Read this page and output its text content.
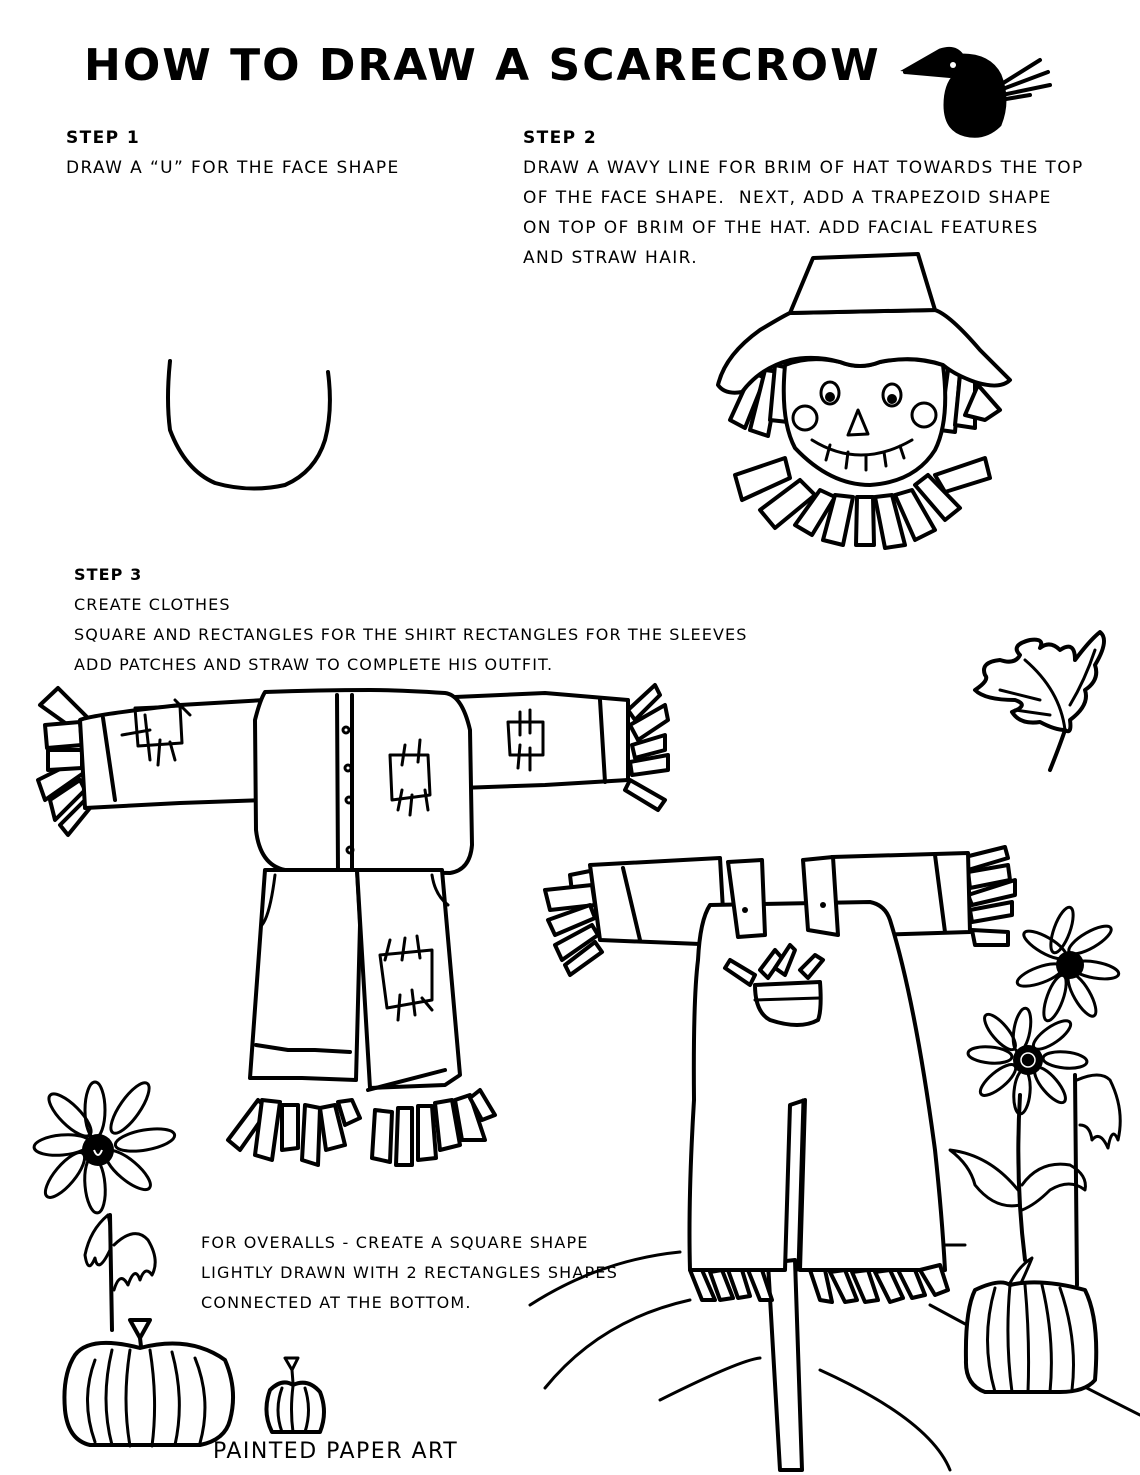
HOW TO DRAW A SCARECROW
STEP 1
DRAW A “U” FOR THE FACE SHAPE
STEP 2
DRAW A WAVY LINE FOR BRIM OF HAT TOWARDS THE TOP
OF THE FACE SHAPE.  NEXT, ADD A TRAPEZOID SHAPE
ON TOP OF BRIM OF THE HAT. ADD FACIAL FEATURES
AND STRAW HAIR.
STEP 3
CREATE CLOTHES
SQUARE AND RECTANGLES FOR THE SHIRT RECTANGLES FOR THE SLEEVES
ADD PATCHES AND STRAW TO COMPLETE HIS OUTFIT.
FOR OVERALLS - CREATE A SQUARE SHAPE
LIGHTLY DRAWN WITH 2 RECTANGLES SHAPES
CONNECTED AT THE BOTTOM.
PAINTED PAPER ART
